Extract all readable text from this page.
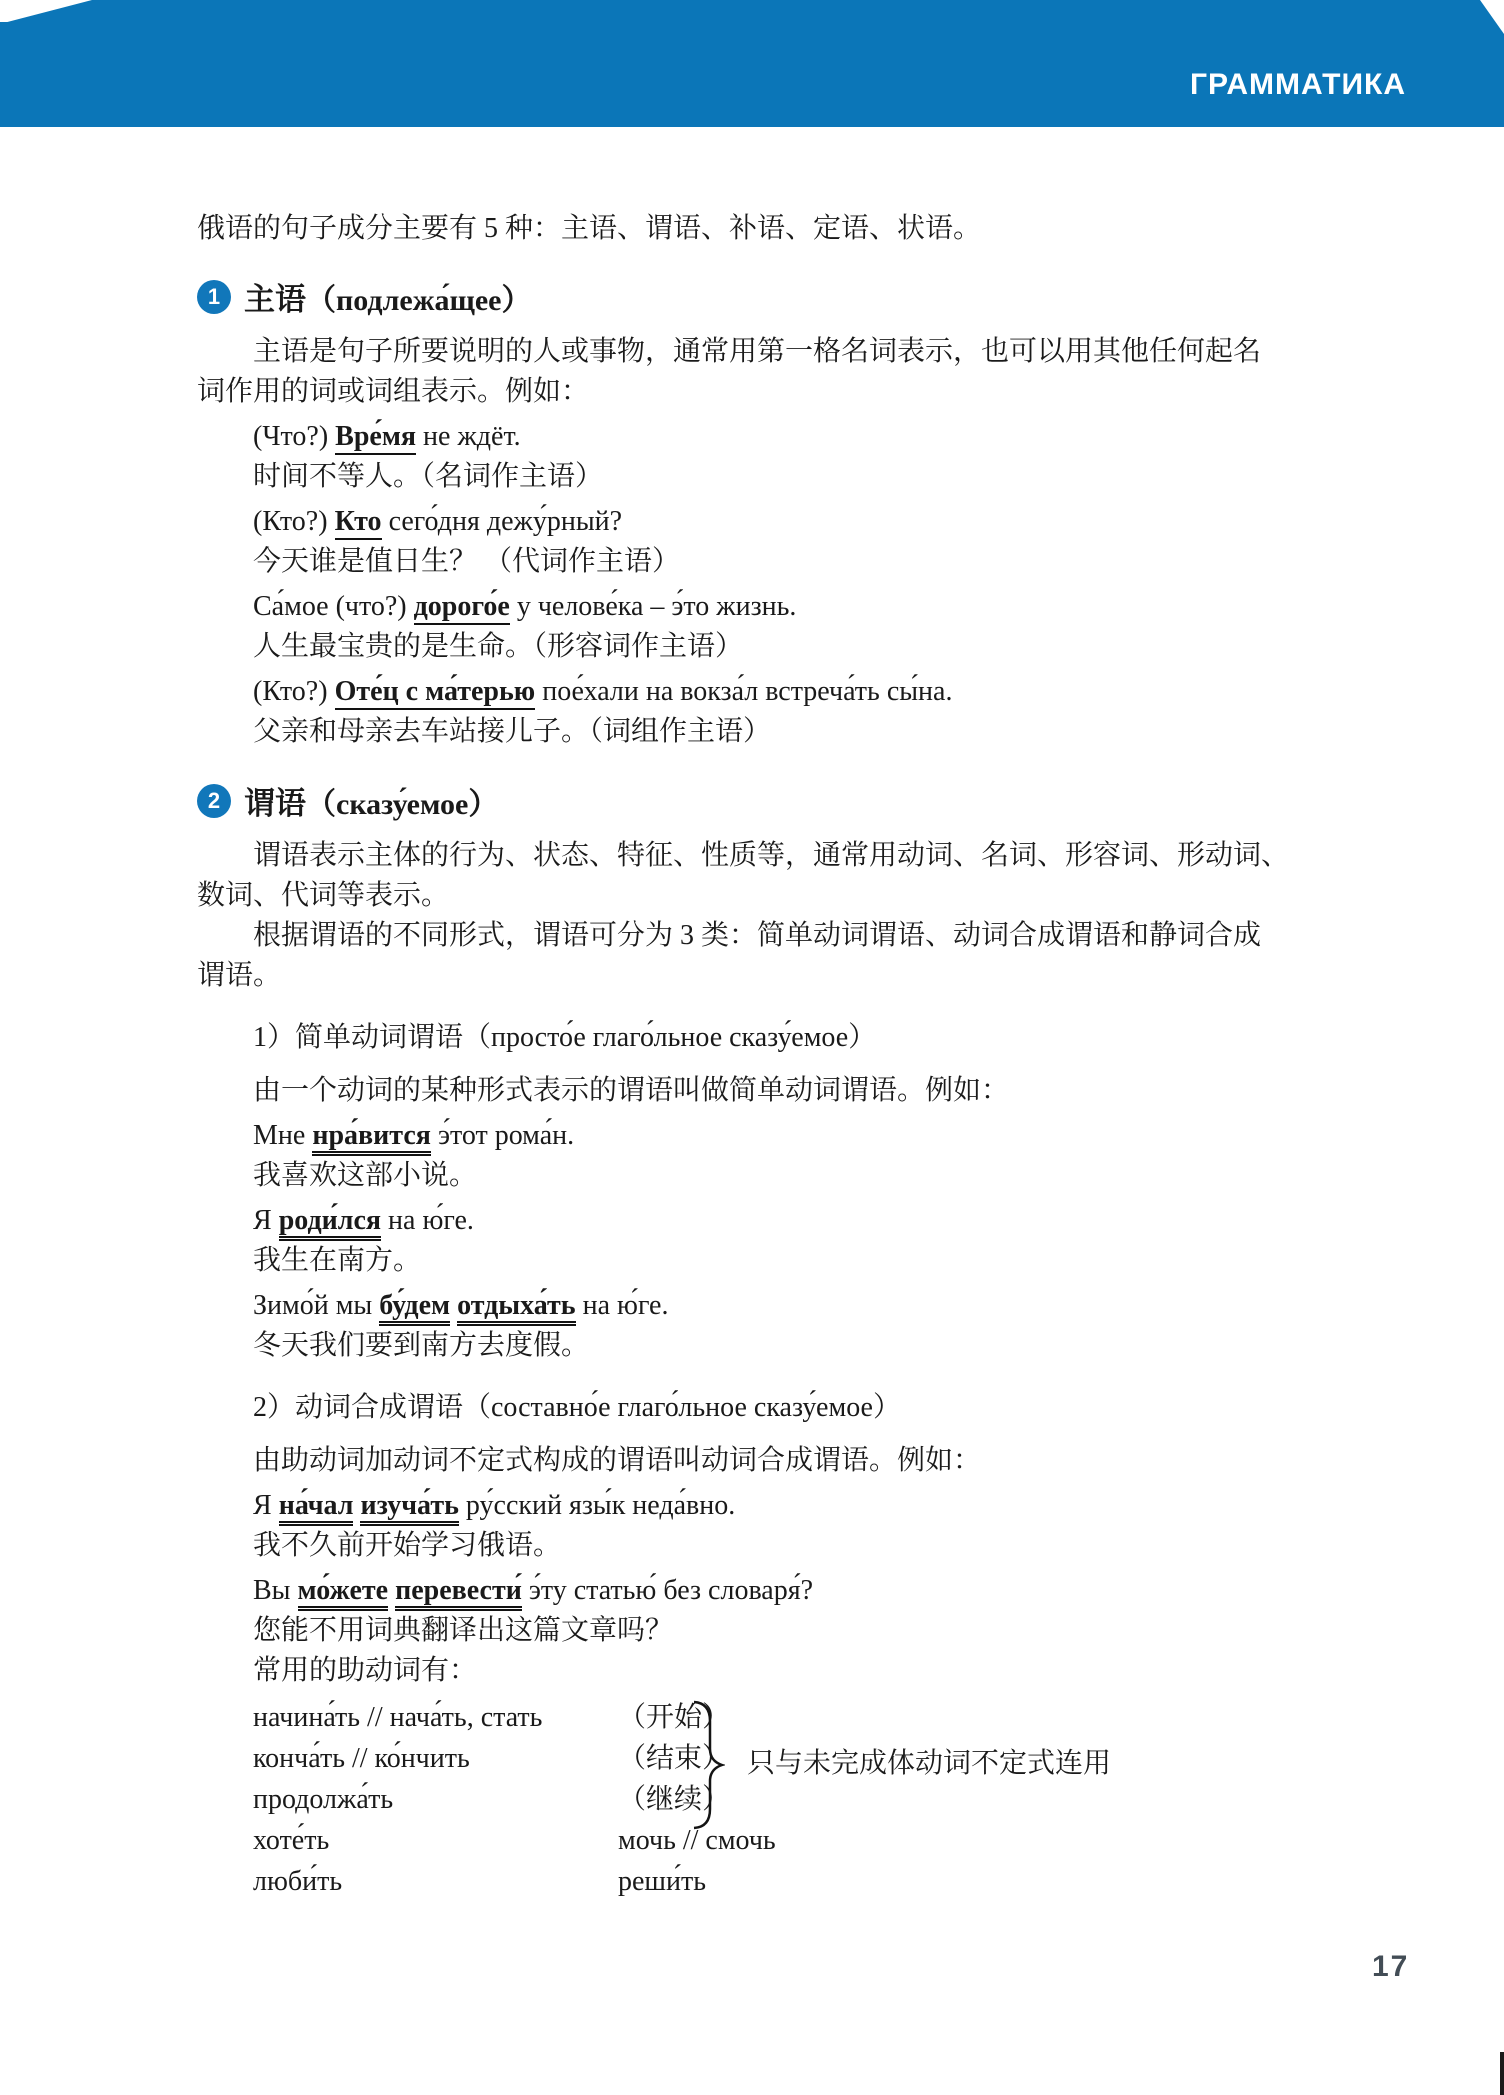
ГРАММАТИКА
俄语的句子成分主要有 5 种：主语、谓语、补语、定语、状语。
1 主语 （подлежа́щее）
主语是句子所要说明的人或事物，通常用第一格名词表示，也可以用其他任何起名
词作用的词或词组表示。例如：
(Что?) Вре́мя не ждёт.
时间不等人。（名词作主语）
(Кто?) Кто сего́дня дежу́рный?
今天谁是值日生？ （代词作主语）
Са́мое (что?) дорого́е у челове́ка – э́то жизнь.
人生最宝贵的是生命。（形容词作主语）
(Кто?) Оте́ц с ма́терью пое́хали на вокза́л встреча́ть сы́на.
父亲和母亲去车站接儿子。（词组作主语）
2 谓语 （сказу́емое）
谓语表示主体的行为、状态、特征、性质等，通常用动词、名词、形容词、形动词、
数词、代词等表示。
根据谓语的不同形式，谓语可分为 3 类：简单动词谓语、动词合成谓语和静词合成
谓语。
1）简单动词谓语（просто́е глаго́льное сказу́емое）
由一个动词的某种形式表示的谓语叫做简单动词谓语。例如：
Мне нра́вится э́тот рома́н.
我喜欢这部小说。
Я роди́лся на ю́ге.
我生在南方。
Зимо́й мы бу́дем отдыха́ть на ю́ге.
冬天我们要到南方去度假。
2）动词合成谓语（составно́е глаго́льное сказу́емое）
由助动词加动词不定式构成的谓语叫动词合成谓语。例如：
Я на́чал изуча́ть ру́сский язы́к неда́вно.
我不久前开始学习俄语。
Вы мо́жете перевести́ э́ту статью́ без словаря́?
您能不用词典翻译出这篇文章吗？
常用的助动词有：
начина́ть // нача́ть, стать	（开始）
конча́ть // ко́нчить	（结束）
продолжа́ть	（继续）
хоте́ть	мочь // смочь
люби́ть	реши́ть
只与未完成体动词不定式连用
17
